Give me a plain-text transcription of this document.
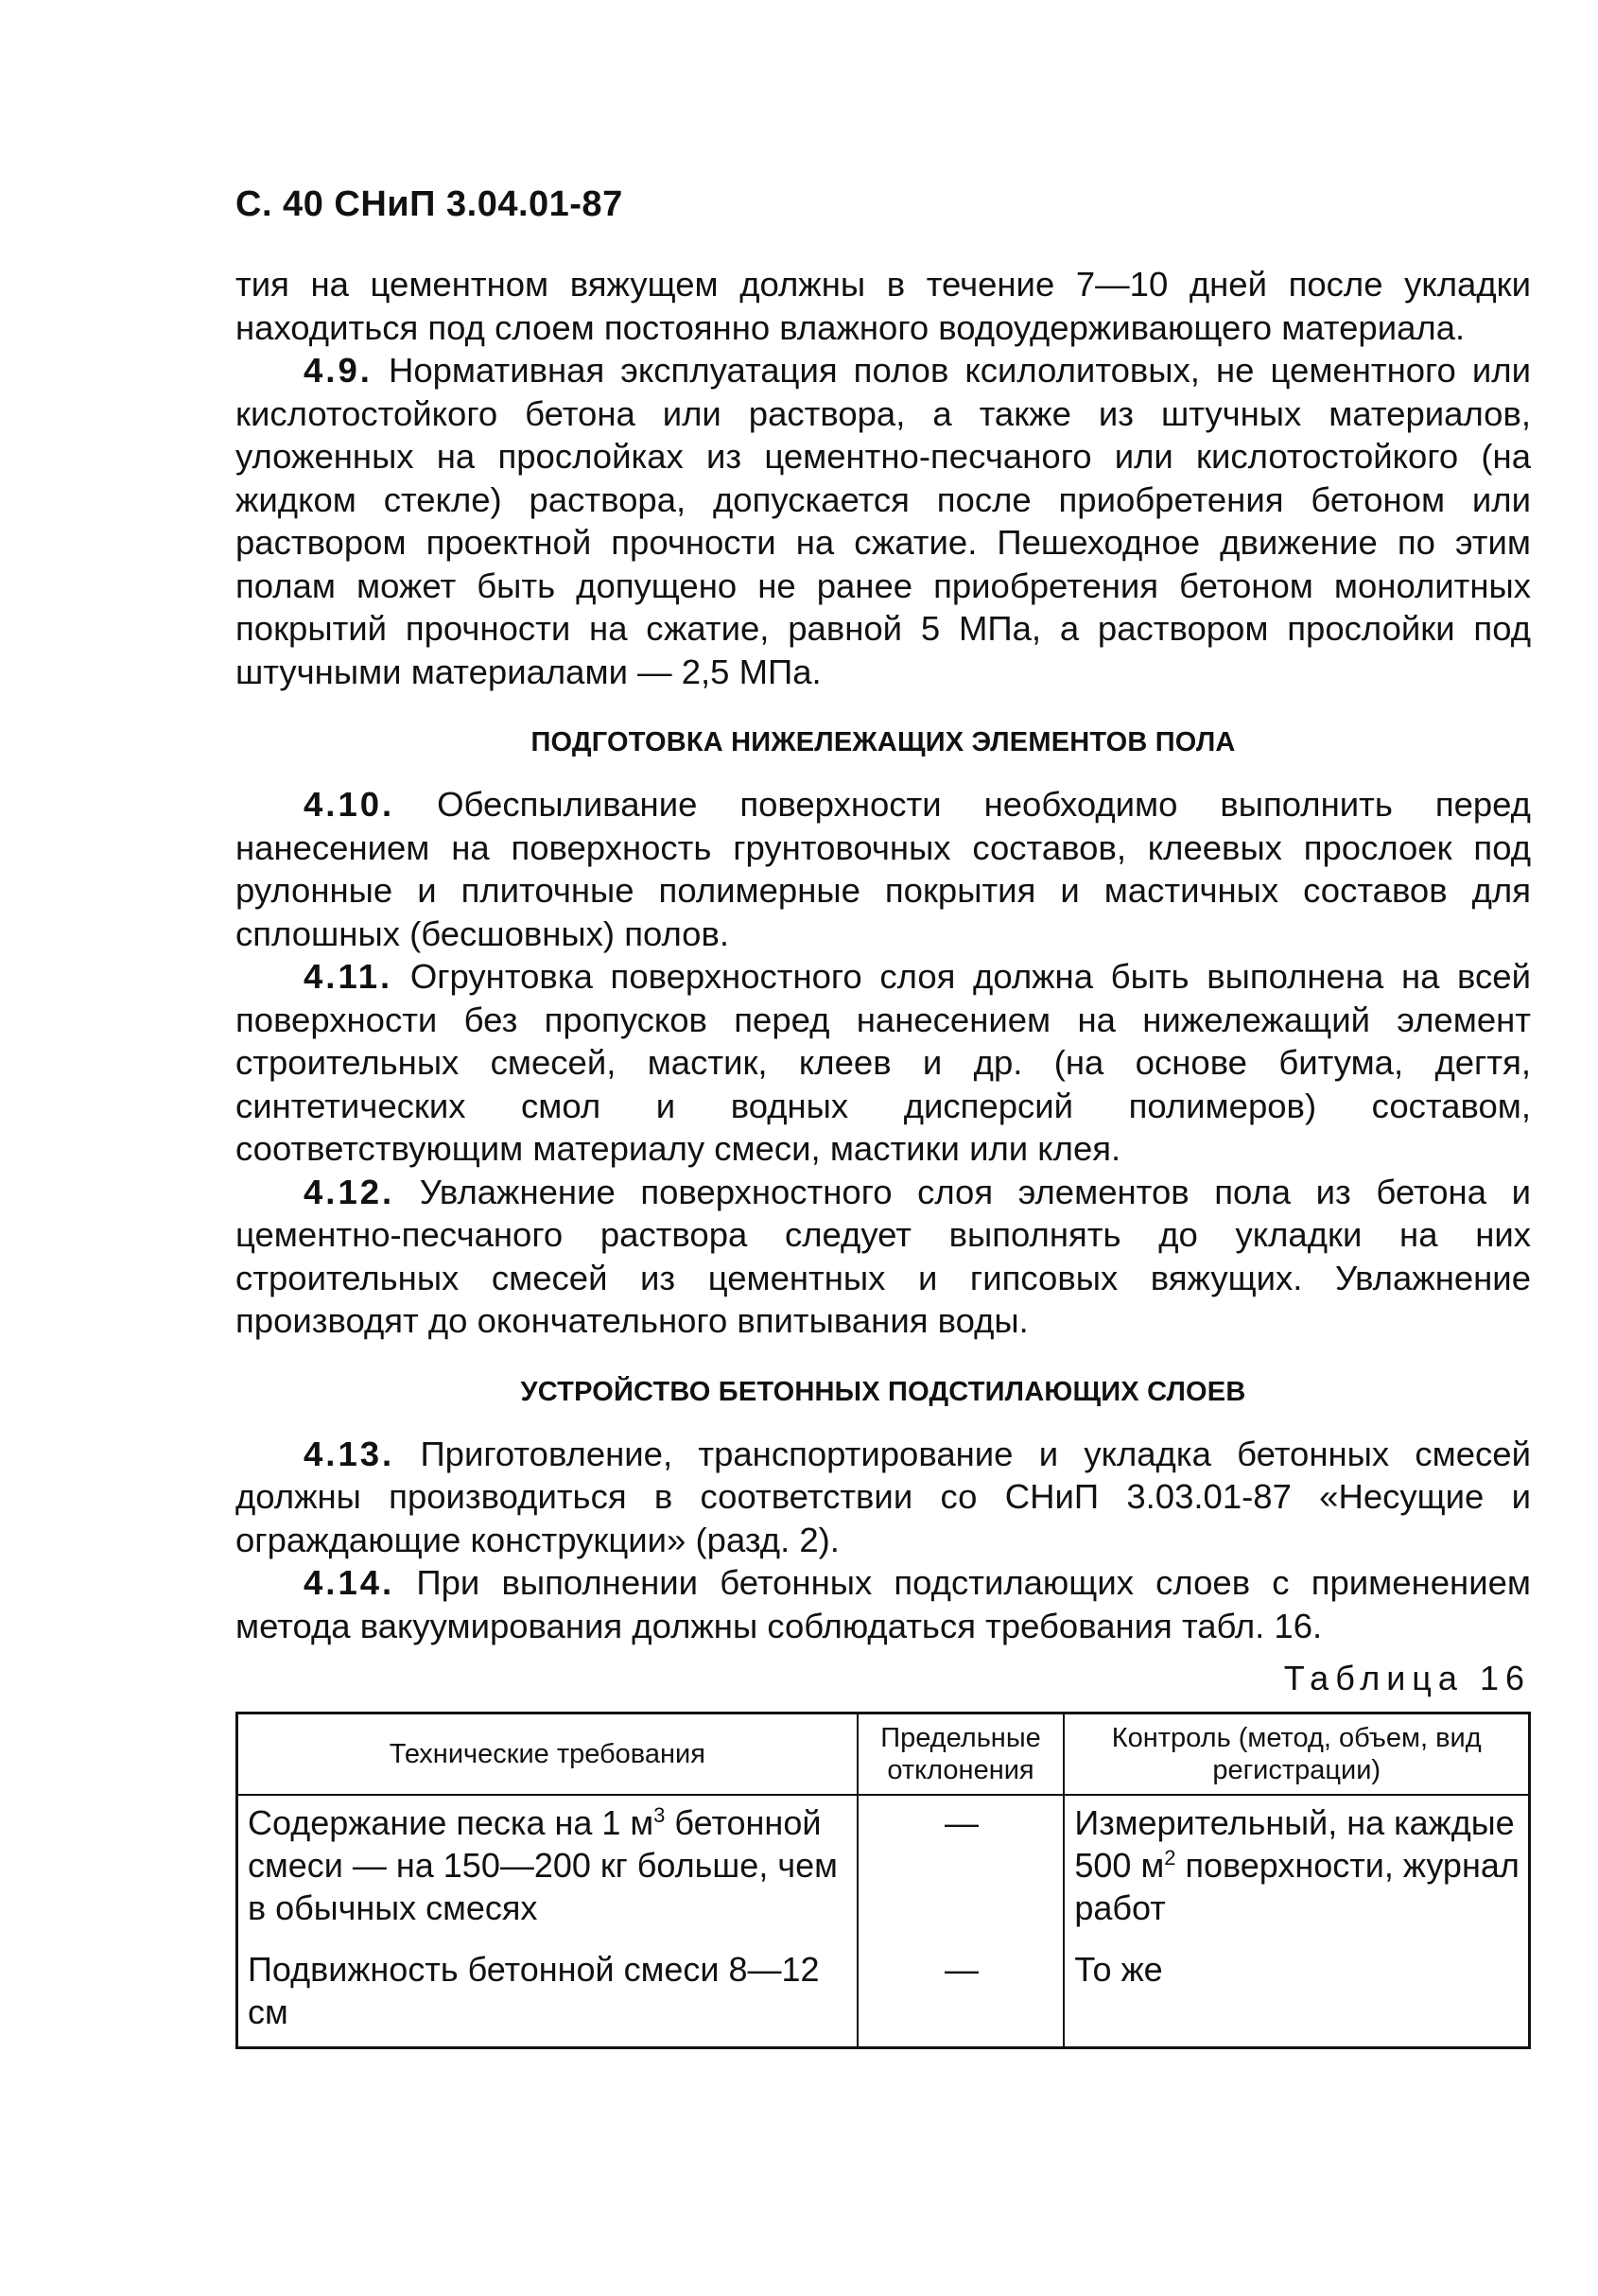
С. 40 СНиП 3.04.01-87

тия на цементном вяжущем должны в течение 7—10 дней после укладки находиться под слоем постоянно влажного водоудерживающего материала.

4.9. Нормативная эксплуатация полов ксилолитовых, не цементного или кислотостойкого бетона или раствора, а также из штучных материалов, уложенных на прослойках из цементно-песчаного или кислотостойкого (на жидком стекле) раствора, допускается после приобретения бетоном или раствором проектной прочности на сжатие. Пешеходное движение по этим полам может быть допущено не ранее приобретения бетоном монолитных покрытий прочности на сжатие, равной 5 МПа, а раствором прослойки под штучными материалами — 2,5 МПа.

ПОДГОТОВКА НИЖЕЛЕЖАЩИХ ЭЛЕМЕНТОВ ПОЛА

4.10. Обеспыливание поверхности необходимо выполнить перед нанесением на поверхность грунтовочных составов, клеевых прослоек под рулонные и плиточные полимерные покрытия и мастичных составов для сплошных (бесшовных) полов.

4.11. Огрунтовка поверхностного слоя должна быть выполнена на всей поверхности без пропусков перед нанесением на нижележащий элемент строительных смесей, мастик, клеев и др. (на основе битума, дегтя, синтетических смол и водных дисперсий полимеров) составом, соответствующим материалу смеси, мастики или клея.

4.12. Увлажнение поверхностного слоя элементов пола из бетона и цементно-песчаного раствора следует выполнять до укладки на них строительных смесей из цементных и гипсовых вяжущих. Увлажнение производят до окончательного впитывания воды.

УСТРОЙСТВО БЕТОННЫХ ПОДСТИЛАЮЩИХ СЛОЕВ

4.13. Приготовление, транспортирование и укладка бетонных смесей должны производиться в соответствии со СНиП 3.03.01-87 «Несущие и ограждающие конструкции» (разд. 2).

4.14. При выполнении бетонных подстилающих слоев с применением метода вакуумирования должны соблюдаться требования табл. 16.

Таблица 16
Технические требования	Предельные отклонения	Контроль (метод, объем, вид регистрации)
Содержание песка на 1 $м^3$ бетонной смеси — на 150—200 кг больше, чем в обычных смесях	—	Измерительный, на каждые 500 $м^2$ поверхности, журнал работ
Подвижность бетонной смеси 8—12 см	—	То же
